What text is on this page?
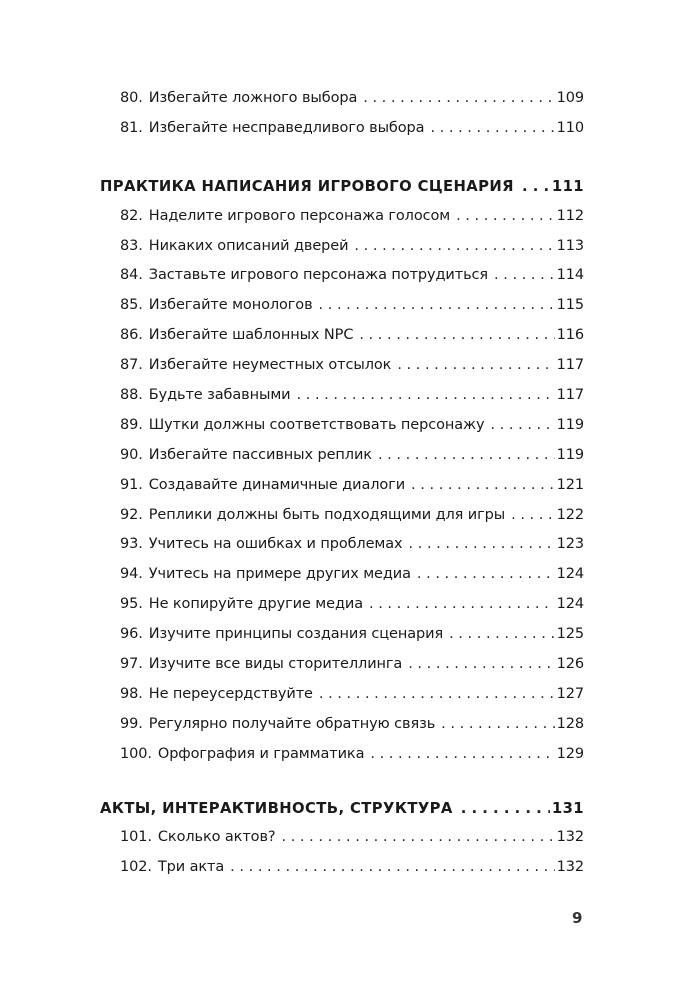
80. Избегайте ложного выбора . . .	109
81. Избегайте несправедливого выбора . . .	110
ПРАКТИКА НАПИСАНИЯ ИГРОВОГО СЦЕНАРИЯ . . .	111
82. Наделите игрового персонажа голосом . . .	112
83. Никаких описаний дверей . . .	113
84. Заставьте игрового персонажа потрудиться . . .	114
85. Избегайте монологов . . .	115
86. Избегайте шаблонных NPC . . .	116
87. Избегайте неуместных отсылок . . .	117
88. Будьте забавными . . .	117
89. Шутки должны соответствовать персонажу . . .	119
90. Избегайте пассивных реплик . . .	119
91. Создавайте динамичные диалоги . . .	121
92. Реплики должны быть подходящими для игры . . .	122
93. Учитесь на ошибках и проблемах . . .	123
94. Учитесь на примере других медиа . . .	124
95. Не копируйте другие медиа . . .	124
96. Изучите принципы создания сценария . . .	125
97. Изучите все виды сторителлинга . . .	126
98. Не переусердствуйте . . .	127
99. Регулярно получайте обратную связь . . .	128
100. Орфография и грамматика . . .	129
АКТЫ, ИНТЕРАКТИВНОСТЬ, СТРУКТУРА . . .	131
101. Сколько актов? . . .	132
102. Три акта . . .	132
9
